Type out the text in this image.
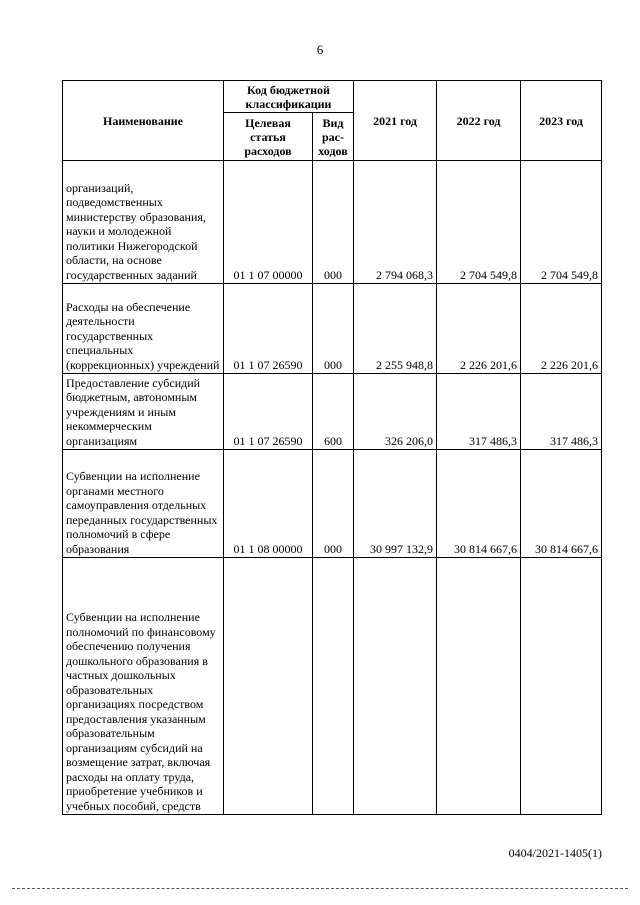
6
Наименование	Код бюджетной классификации		2021 год	2022 год	2023 год
	Целевая статья расходов	Вид рас-ходов			
организаций, подведомственных министерству образования, науки и молодежной политики Нижегородской области, на основе государственных заданий	01 1 07 00000	000	2 794 068,3	2 704 549,8	2 704 549,8
Расходы на обеспечение деятельности государственных специальных (коррекционных) учреждений	01 1 07 26590	000	2 255 948,8	2 226 201,6	2 226 201,6
Предоставление субсидий бюджетным, автономным учреждениям и иным некоммерческим организациям	01 1 07 26590	600	326 206,0	317 486,3	317 486,3
Субвенции на исполнение органами местного самоуправления отдельных переданных государственных полномочий в сфере образования	01 1 08 00000	000	30 997 132,9	30 814 667,6	30 814 667,6
Субвенции на исполнение полномочий по финансовому обеспечению получения дошкольного образования в частных дошкольных образовательных организациях посредством предоставления указанным образовательным организациям субсидий на возмещение затрат, включая расходы на оплату труда, приобретение учебников и учебных пособий, средств					
0404/2021-1405(1)
